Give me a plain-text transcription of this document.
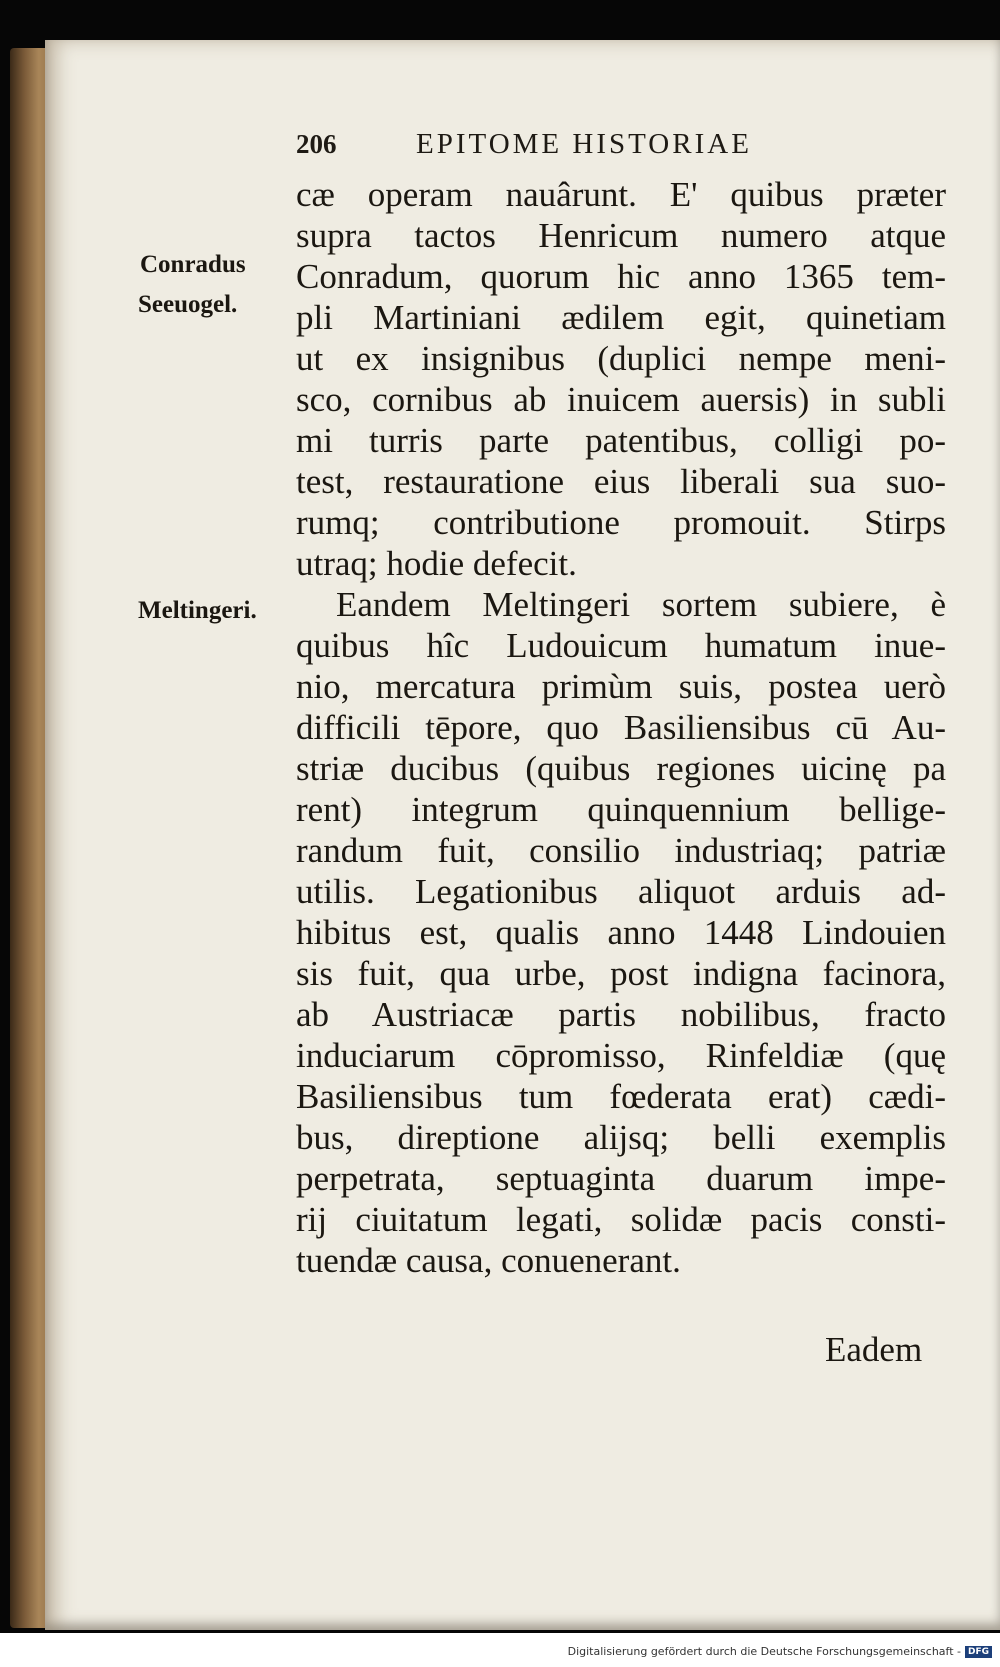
206	EPITOME HISTORIAE
Conradus
Seeuogel.
Meltingeri.
cæ operam nauârunt. E' quibus præter
supra tactos Henricum numero atque
Conradum, quorum hic anno 1365 tem-
pli Martiniani ædilem egit, quinetiam
ut ex insignibus (duplici nempe meni-
sco, cornibus ab inuicem auersis) in subli
mi turris parte patentibus, colligi po-
test, restauratione eius liberali sua suo-
rumq; contributione promouit. Stirps
utraq; hodie defecit.
Eandem Meltingeri sortem subiere, è
quibus hîc Ludouicum humatum inue-
nio, mercatura primùm suis, postea uerò
difficili tēpore, quo Basiliensibus cū Au-
striæ ducibus (quibus regiones uicinę pa
rent) integrum quinquennium bellige-
randum fuit, consilio industriaq; patriæ
utilis. Legationibus aliquot arduis ad-
hibitus est, qualis anno 1448 Lindouien
sis fuit, qua urbe, post indigna facinora,
ab Austriacæ partis nobilibus, fracto
induciarum cōpromisso, Rinfeldiæ (quę
Basiliensibus tum fœderata erat) cædi-
bus, direptione alijsq; belli exemplis
perpetrata, septuaginta duarum impe-
rij ciuitatum legati, solidæ pacis consti-
tuendæ causa, conuenerant.
Eadem
Digitalisierung gefördert durch die Deutsche Forschungsgemeinschaft - DFG
